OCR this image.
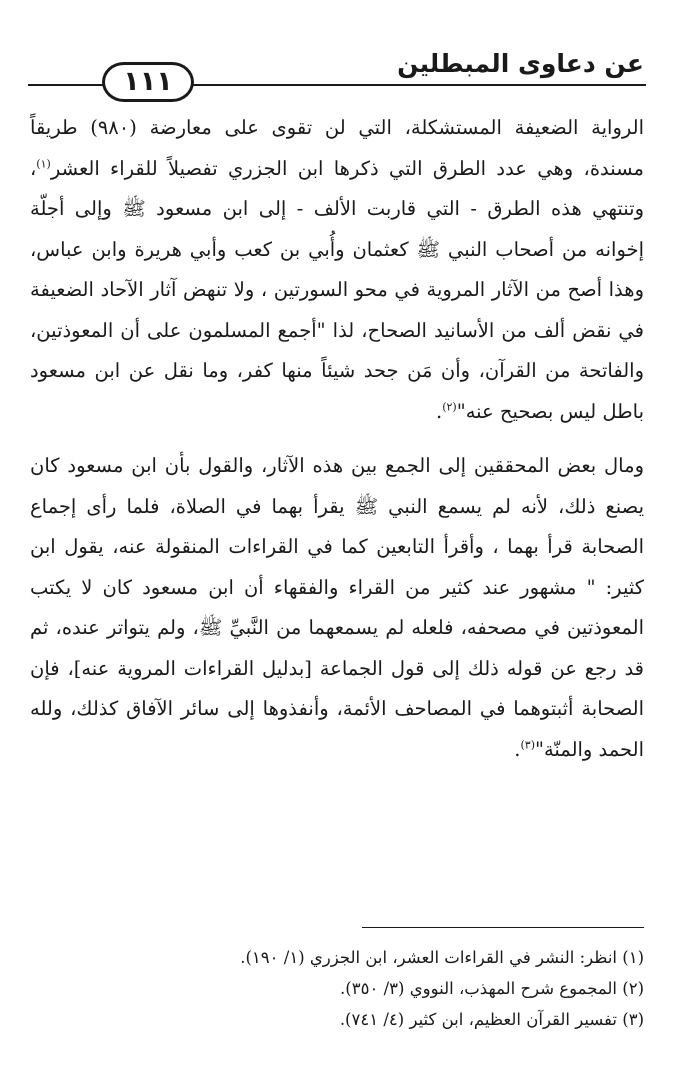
عن دعاوى المبطلين
١١١

الرواية الضعيفة المستشكلة، التي لن تقوى على معارضة (٩٨٠) طريقاً مسندة، وهي عدد الطرق التي ذكرها ابن الجزري تفصيلاً للقراء العشر$^{(١)}$، وتنتهي هذه الطرق - التي قاربت الألف - إلى ابن مسعود ﷺ وإلى أجلّة إخوانه من أصحاب النبي ﷺ كعثمان وأُبي بن كعب وأبي هريرة وابن عباس، وهذا أصح من الآثار المروية في محو السورتين ، ولا تنهض آثار الآحاد الضعيفة في نقض ألف من الأسانيد الصحاح، لذا "أجمع المسلمون على أن المعوذتين، والفاتحة من القرآن، وأن مَن جحد شيئاً منها كفر، وما نقل عن ابن مسعود باطل ليس بصحيح عنه"$^{(٢)}$.

ومال بعض المحققين إلى الجمع بين هذه الآثار، والقول بأن ابن مسعود كان يصنع ذلك، لأنه لم يسمع النبي ﷺ يقرأ بهما في الصلاة، فلما رأى إجماع الصحابة قرأ بهما ، وأقرأ التابعين كما في القراءات المنقولة عنه، يقول ابن كثير: " مشهور عند كثير من القراء والفقهاء أن ابن مسعود كان لا يكتب المعوذتين في مصحفه، فلعله لم يسمعهما من النَّبيِّ ﷺ، ولم يتواتر عنده، ثم قد رجع عن قوله ذلك إلى قول الجماعة [بدليل القراءات المروية عنه]، فإن الصحابة أثبتوهما في المصاحف الأئمة، وأنفذوها إلى سائر الآفاق كذلك، ولله الحمد والمنّة"$^{(٣)}$.

(١) انظر: النشر في القراءات العشر، ابن الجزري (١/ ١٩٠).
(٢) المجموع شرح المهذب، النووي (٣/ ٣٥٠).
(٣) تفسير القرآن العظيم، ابن كثير (٤/ ٧٤١).
